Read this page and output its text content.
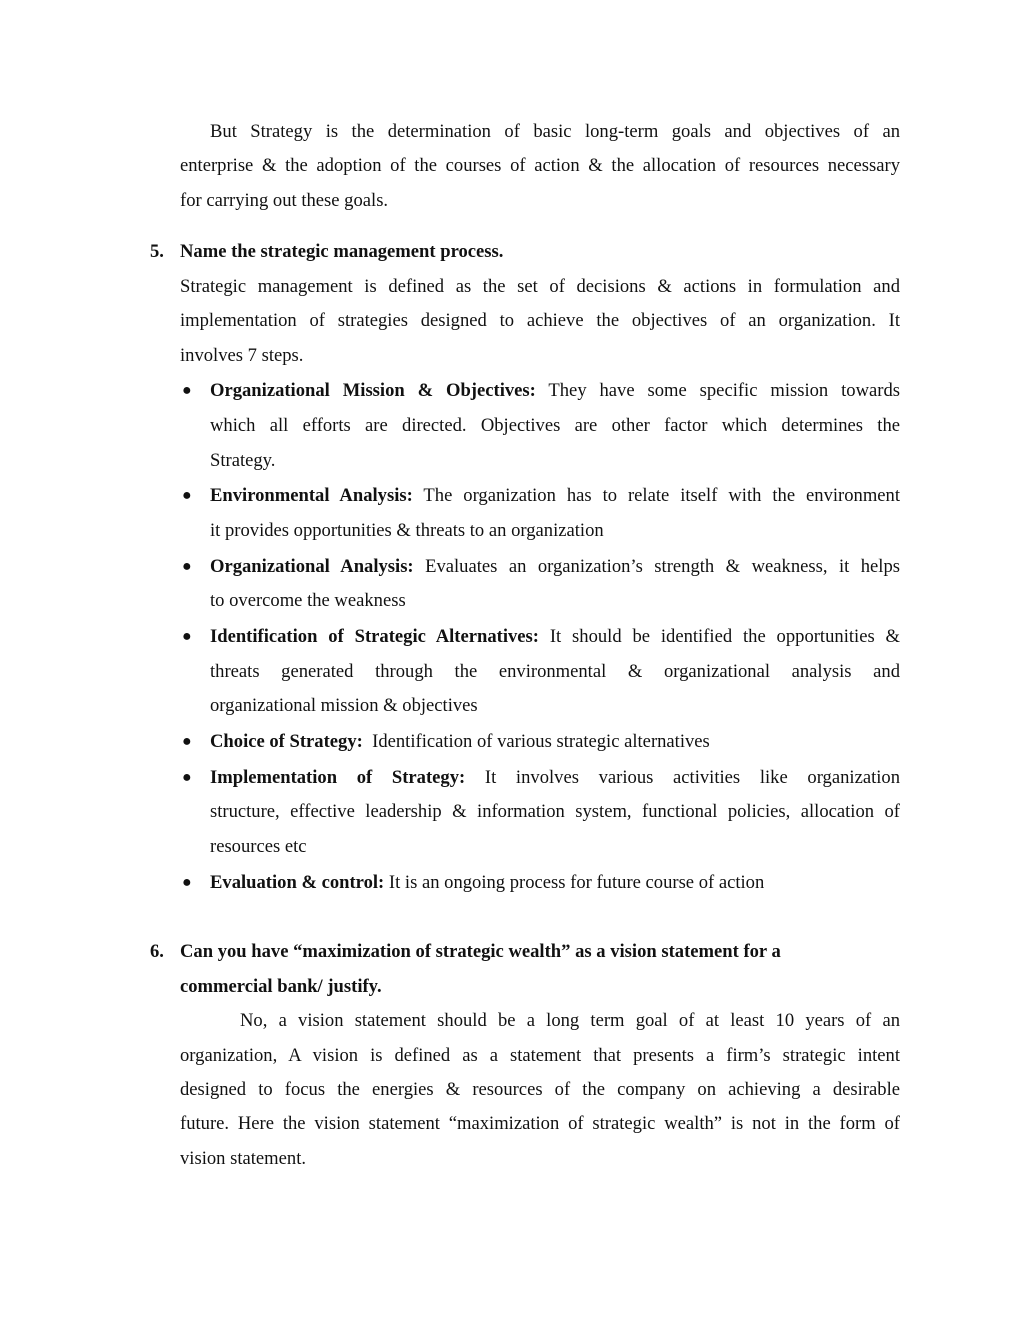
But Strategy is the determination of basic long-term goals and objectives of an
enterprise & the adoption of the courses of action & the allocation of resources necessary
for carrying out these goals.
5. Name the strategic management process.
Strategic management is defined as the set of decisions & actions in formulation and
implementation of strategies designed to achieve the objectives of an organization. It
involves 7 steps.
● Organizational Mission & Objectives: They have some specific mission towards
which all efforts are directed. Objectives are other factor which determines the
Strategy.
● Environmental Analysis: The organization has to relate itself with the environment
it provides opportunities & threats to an organization
● Organizational Analysis: Evaluates an organization’s strength & weakness, it helps
to overcome the weakness
● Identification of Strategic Alternatives: It should be identified the opportunities &
threats generated through the environmental & organizational analysis and
organizational mission & objectives
● Choice of Strategy:  Identification of various strategic alternatives
● Implementation of Strategy: It involves various activities like organization
structure, effective leadership & information system, functional policies, allocation of
resources etc
● Evaluation & control: It is an ongoing process for future course of action
6. Can you have “maximization of strategic wealth” as a vision statement for a
commercial bank/ justify.
No, a vision statement should be a long term goal of at least 10 years of an
organization, A vision is defined as a statement that presents a firm’s strategic intent
designed to focus the energies & resources of the company on achieving a desirable
future. Here the vision statement “maximization of strategic wealth” is not in the form of
vision statement.
